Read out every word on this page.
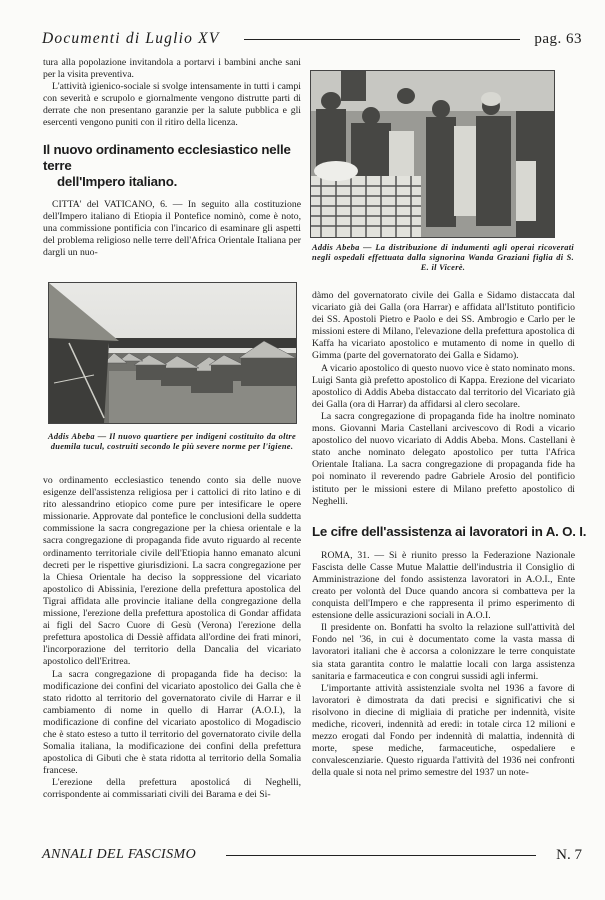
Documenti di Luglio XV	pag. 63

tura alla popolazione invitandola a portarvi i bambini anche sani per la visita preventiva.

L'attività igienico-sociale si svolge intensamente in tutti i campi con severità e scrupolo e giornalmente vengono distrutte parti di derrate che non presentano garanzie per la salute pubblica e gli esercenti vengono puniti con il ritiro della licenza.

Il nuovo ordinamento ecclesiastico nelle terre
dell'Impero italiano.

CITTA' del VATICANO, 6. — In seguito alla costituzione dell'Impero italiano di Etiopia il Pontefice nominò, come è noto, una commissione pontificia con l'incarico di esaminare gli aspetti del problema religioso nelle terre dell'Africa Orientale Italiana per dargli un nuo-

Addis Abeba — Il nuovo quartiere per indigeni costituito da oltre duemila tucul, costruiti secondo le più severe norme per l'igiene.

vo ordinamento ecclesiastico tenendo conto sia delle nuove esigenze dell'assistenza religiosa per i cattolici di rito latino e di rito alessandrino etiopico come pure per intesificare le opere missionarie. Approvate dal pontefice le conclusioni della suddetta commissione la sacra congregazione per la chiesa orientale e la sacra congregazione di propaganda fide avuto riguardo al recente ordinamento territoriale civile dell'Etiopia hanno emanato alcuni decreti per le rispettive giurisdizioni. La sacra congregazione per la Chiesa Orientale ha deciso la soppressione del vicariato apostolico di Abissinia, l'erezione della prefettura apostolica del Tigrai affidata alle provincie italiane della congregazione della missione, l'erezione della prefettura apostolica di Gondar affidata ai figli del Sacro Cuore di Gesù (Verona) l'erezione della prefettura apostolica di Dessiè affidata all'ordine dei frati minori, l'incorporazione del territorio della Dancalia del vicariato apostolico dell'Eritrea.

La sacra congregazione di propaganda fide ha deciso: la modificazione dei confini del vicariato apostolico dei Galla che è stato ridotto al territorio del governatorato civile di Harrar e il cambiamento di nome in quello di Harrar (A.O.I.), la modificazione di confine del vicariato apostolico di Mogadiscio che è stato esteso a tutto il territorio del governatorato civile della Somalia italiana, la modificazione dei confini della prefettura apostolica di Gibuti che è stata ridotta al territorio della Somalia francese.

L'erezione della prefettura apostolicá di Neghelli, corrispondente ai commissariati civili dei Barama e dei Si-

Addis Abeba — La distribuzione di indumenti agli operai ricoverati negli ospedali effettuata dalla signorina Wanda Graziani figlia di S. E. il Vicerè.

dàmo del governatorato civile dei Galla e Sidamo distaccata dal vicariato già dei Galla (ora Harrar) e affidata all'Istituto pontificio dei SS. Apostoli Pietro e Paolo e dei SS. Ambrogio e Carlo per le missioni estere di Milano, l'elevazione della prefettura apostolica di Kaffa ha vicariato apostolico e mutamento di nome in quello di Gimma (parte del governatorato dei Galla e Sidamo).

A vicario apostolico di questo nuovo vice è stato nominato mons. Luigi Santa già prefetto apostolico di Kappa. Erezione del vicariato apostolico di Addis Abeba distaccato dal territorio del Vicariato già dei Galla (ora di Harrar) da affidarsi al clero secolare.

La sacra congregazione di propaganda fide ha inoltre nominato mons. Giovanni Maria Castellani arcivescovo di Rodi a vicario apostolico del nuovo vicariato di Addis Abeba. Mons. Castellani è stato anche nominato delegato apostolico per tutta l'Africa Orientale Italiana. La sacra congregazione di propaganda fide ha poi nominato il reverendo padre Gabriele Arosio del pontificio istituto per le missioni estere di Milano prefetto apostolico di Neghelli.

Le cifre dell'assistenza ai lavoratori in A. O. I.

ROMA, 31. — Si è riunito presso la Federazione Nazionale Fascista delle Casse Mutue Malattie dell'industria il Consiglio di Amministrazione del fondo assistenza lavoratori in A.O.I., Ente creato per volontà del Duce quando ancora si combatteva per la conquista dell'Impero e che rappresenta il primo esperimento di estensione delle assicurazioni sociali in A.O.I.

Il presidente on. Bonfatti ha svolto la relazione sull'attività del Fondo nel '36, in cui è documentato come la vasta massa di lavoratori italiani che è accorsa a colonizzare le terre conquistate sia stata garantita contro le malattie locali con larga assistenza sanitaria e farmaceutica e con congrui sussidi agli infermi.

L'importante attività assistenziale svolta nel 1936 a favore di lavoratori è dimostrata da dati precisi e significativi che si risolvono in diecine di migliaia di pratiche per indennità, visite mediche, ricoveri, indennità ad eredi: in totale circa 12 milioni e mezzo erogati dal Fondo per indennità di malattia, indennità di morte, spese mediche, farmaceutiche, ospedaliere e convalescenziarie. Questo riguarda l'attività del 1936 nei confronti della quale si nota nel primo semestre del 1937 un note-

ANNALI DEL FASCISMO	N. 7
